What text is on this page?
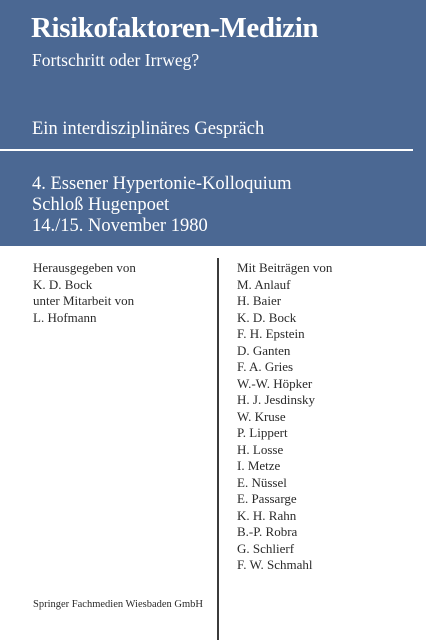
Risikofaktoren-Medizin
Fortschritt oder Irrweg?
Ein interdisziplinäres Gespräch
4. Essener Hypertonie-Kolloquium
Schloß Hugenpoet
14./15. November 1980
Herausgegeben von
K. D. Bock
unter Mitarbeit von
L. Hofmann
Mit Beiträgen von
M. Anlauf
H. Baier
K. D. Bock
F. H. Epstein
D. Ganten
F. A. Gries
W.-W. Höpker
H. J. Jesdinsky
W. Kruse
P. Lippert
H. Losse
I. Metze
E. Nüssel
E. Passarge
K. H. Rahn
B.-P. Robra
G. Schlierf
F. W. Schmahl
Springer Fachmedien Wiesbaden GmbH
